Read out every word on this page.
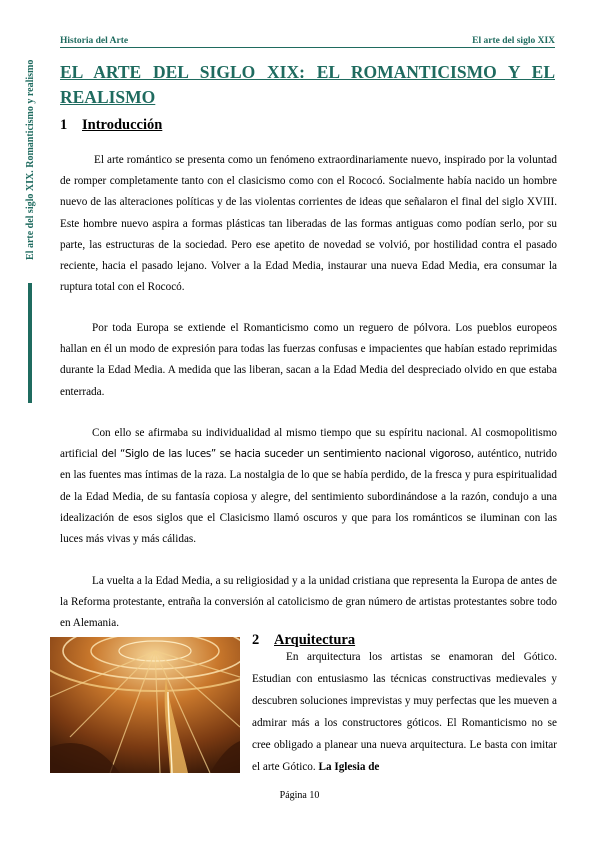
Historia del Arte	El arte del siglo XIX
El arte del siglo XIX. Romanticismo y realismo EL ARTE DEL SIGLO XIX: EL ROMANTICISMO Y EL
REALISMO
1 Introducción

El arte romántico se presenta como un fenómeno extraordinariamente nuevo, inspirado por la voluntad de romper completamente tanto con el clasicismo como con el Rococó. Socialmente había nacido un hombre nuevo de las alteraciones políticas y de las violentas corrientes de ideas que señalaron el final del siglo XVIII. Este hombre nuevo aspira a formas plásticas tan liberadas de las formas antiguas como podían serlo, por su parte, las estructuras de la sociedad. Pero ese apetito de novedad se volvió, por hostilidad contra el pasado reciente, hacia el pasado lejano. Volver a la Edad Media, instaurar una nueva Edad Media, era consumar la ruptura total con el Rococó.

Por toda Europa se extiende el Romanticismo como un reguero de pólvora. Los pueblos europeos hallan en él un modo de expresión para todas las fuerzas confusas e impacientes que habían estado reprimidas durante la Edad Media. A medida que las liberan, sacan a la Edad Media del despreciado olvido en que estaba enterrada.

Con ello se afirmaba su individualidad al mismo tiempo que su espíritu nacional. Al cosmopolitismo artificial del “Siglo de las luces” se hacia suceder un sentimiento nacional vigoroso, auténtico, nutrido en las fuentes mas íntimas de la raza. La nostalgia de lo que se había perdido, de la fresca y pura espiritualidad de la Edad Media, de su fantasía copiosa y alegre, del sentimiento subordinándose a la razón, condujo a una idealización de esos siglos que el Clasicismo llamó oscuros y que para los románticos se iluminan con las luces más vivas y más cálidas.

La vuelta a la Edad Media, a su religiosidad y a la unidad cristiana que representa la Europa de antes de la Reforma protestante, entraña la conversión al catolicismo de gran número de artistas protestantes sobre todo en Alemania.

2 Arquitectura

En arquitectura los artistas se enamoran del Gótico. Estudian con entusiasmo las técnicas constructivas medievales y descubren soluciones imprevistas y muy perfectas que les mueven a admirar más a los constructores góticos. El Romanticismo no se cree obligado a planear una nueva arquitectura. Le basta con imitar el arte Gótico. La Iglesia de

Página 10
